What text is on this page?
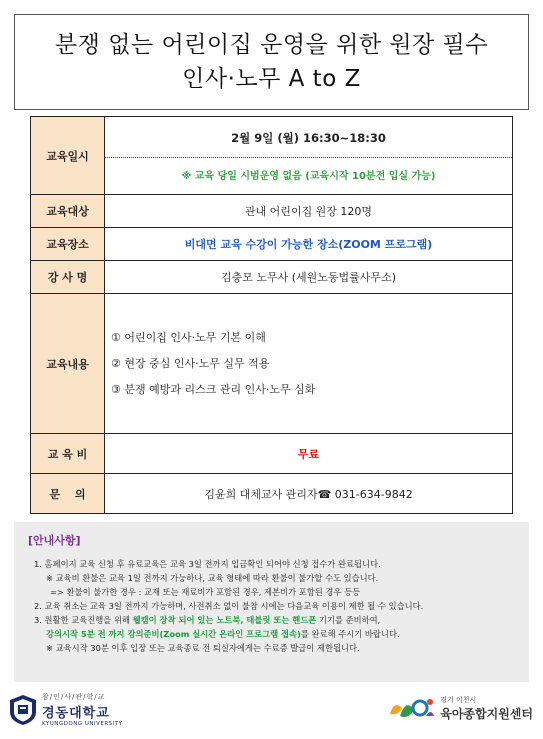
분쟁 없는 어린이집 운영을 위한 원장 필수
인사·노무 A to Z
교육일시	2월 9일 (월) 16:30~18:30
※ 교육 당일 시범운영 없음 (교육시작 10분전 입실 가능)

교육대상	관내 어린이집 원장 120명
교육장소	비대면 교육 수강이 가능한 장소(ZOOM 프로그램)
강 사 명	김충모 노무사 (세원노동법률사무소)
교육내용	① 어린이집 인사·노무 기본 이해
② 현장 중심 인사·노무 실무 적용
③ 분쟁 예방과 리스크 관리 인사·노무 심화

교 육 비	무료
문　 의	김윤희 대체교사 관리자☎ 031-634-9842
[안내사항]
1. 홈페이지 교육 신청 후 유료교육은 교육 3일 전까지 입금확인 되어야 신청 접수가 완료됩니다.
※ 교육비 환불은 교육 1일 전까지 가능하나, 교육 형태에 따라 환불이 불가할 수도 있습니다.
=> 환불이 불가한 경우 : 교재 또는 재료비가 포함된 경우, 제본비가 포함된 경우 등등
2. 교육 취소는 교육 3일 전까지 가능하며, 사전취소 없이 불참 시에는 다음교육 이용이 제한 될 수 있습니다.
3. 원활한 교육진행을 위해 웹캠이 장착 되어 있는 노트북, 태블릿 또는 핸드폰 기기를 준비하여,
강의시작 5분 전 까지 강의준비(Zoom 실시간 온라인 프로그램 접속)를 완료해 주시기 바랍니다.
※ 교육시작 30분 이후 입장 또는 교육종료 전 퇴실자에게는 수료증 발급이 제한됩니다.
참/인/사/관/학/교
경동대학교
KYUNGDONG UNIVERSITY
경기 이천시
육아종합지원센터
